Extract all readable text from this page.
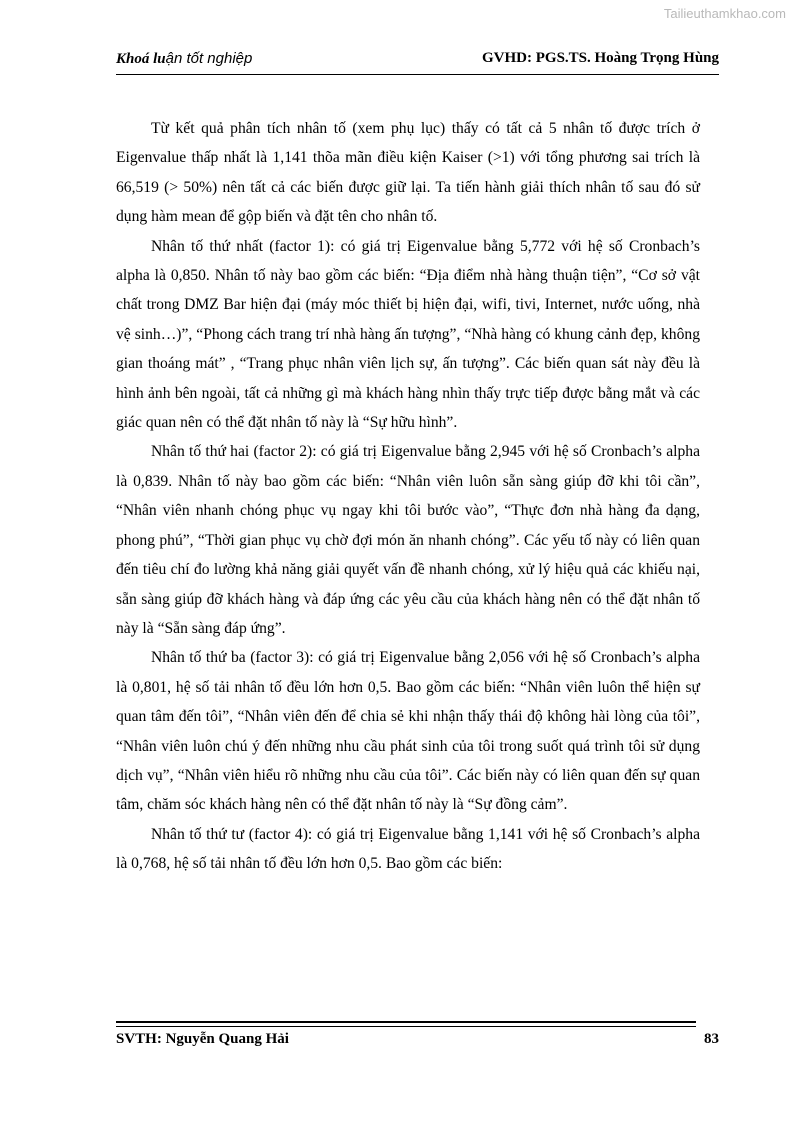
Tailieuthamkhao.com
Khoá luận tốt nghiệp	GVHD: PGS.TS. Hoàng Trọng Hùng

Từ kết quả phân tích nhân tố (xem phụ lục) thấy có tất cả 5 nhân tố được trích ở Eigenvalue thấp nhất là 1,141 thõa mãn điều kiện Kaiser (>1) với tổng phương sai trích là 66,519 (> 50%) nên tất cả các biến được giữ lại. Ta tiến hành giải thích nhân tố sau đó sử dụng hàm mean để gộp biến và đặt tên cho nhân tố.

Nhân tố thứ nhất (factor 1): có giá trị Eigenvalue bằng 5,772 với hệ số Cronbach’s alpha là 0,850. Nhân tố này bao gồm các biến: “Địa điểm nhà hàng thuận tiện”, “Cơ sở vật chất trong DMZ Bar hiện đại (máy móc thiết bị hiện đại, wifi, tivi, Internet, nước uống, nhà vệ sinh…)”, “Phong cách trang trí nhà hàng ấn tượng”, “Nhà hàng có khung cảnh đẹp, không gian thoáng mát” , “Trang phục nhân viên lịch sự, ấn tượng”. Các biến quan sát này đều là hình ảnh bên ngoài, tất cả những gì mà khách hàng nhìn thấy trực tiếp được bằng mắt và các giác quan nên có thể đặt nhân tố này là “Sự hữu hình”.

Nhân tố thứ hai (factor 2): có giá trị Eigenvalue bằng 2,945 với hệ số Cronbach’s alpha là 0,839. Nhân tố này bao gồm các biến: “Nhân viên luôn sẵn sàng giúp đỡ khi tôi cần”, “Nhân viên nhanh chóng phục vụ ngay khi tôi bước vào”, “Thực đơn nhà hàng đa dạng, phong phú”, “Thời gian phục vụ chờ đợi món ăn nhanh chóng”. Các yếu tố này có liên quan đến tiêu chí đo lường khả năng giải quyết vấn đề nhanh chóng, xử lý hiệu quả các khiếu nại, sẵn sàng giúp đỡ khách hàng và đáp ứng các yêu cầu của khách hàng nên có thể đặt nhân tố này là “Sẵn sàng đáp ứng”.

Nhân tố thứ ba (factor 3): có giá trị Eigenvalue bằng 2,056 với hệ số Cronbach’s alpha là 0,801, hệ số tải nhân tố đều lớn hơn 0,5. Bao gồm các biến: “Nhân viên luôn thể hiện sự quan tâm đến tôi”, “Nhân viên đến để chia sẻ khi nhận thấy thái độ không hài lòng của tôi”, “Nhân viên luôn chú ý đến những nhu cầu phát sinh của tôi trong suốt quá trình tôi sử dụng dịch vụ”, “Nhân viên hiểu rõ những nhu cầu của tôi”. Các biến này có liên quan đến sự quan tâm, chăm sóc khách hàng nên có thể đặt nhân tố này là “Sự đồng cảm”.

Nhân tố thứ tư (factor 4): có giá trị Eigenvalue bằng 1,141 với hệ số Cronbach’s alpha là 0,768, hệ số tải nhân tố đều lớn hơn 0,5. Bao gồm các biến:

SVTH: Nguyễn Quang Hải	83
